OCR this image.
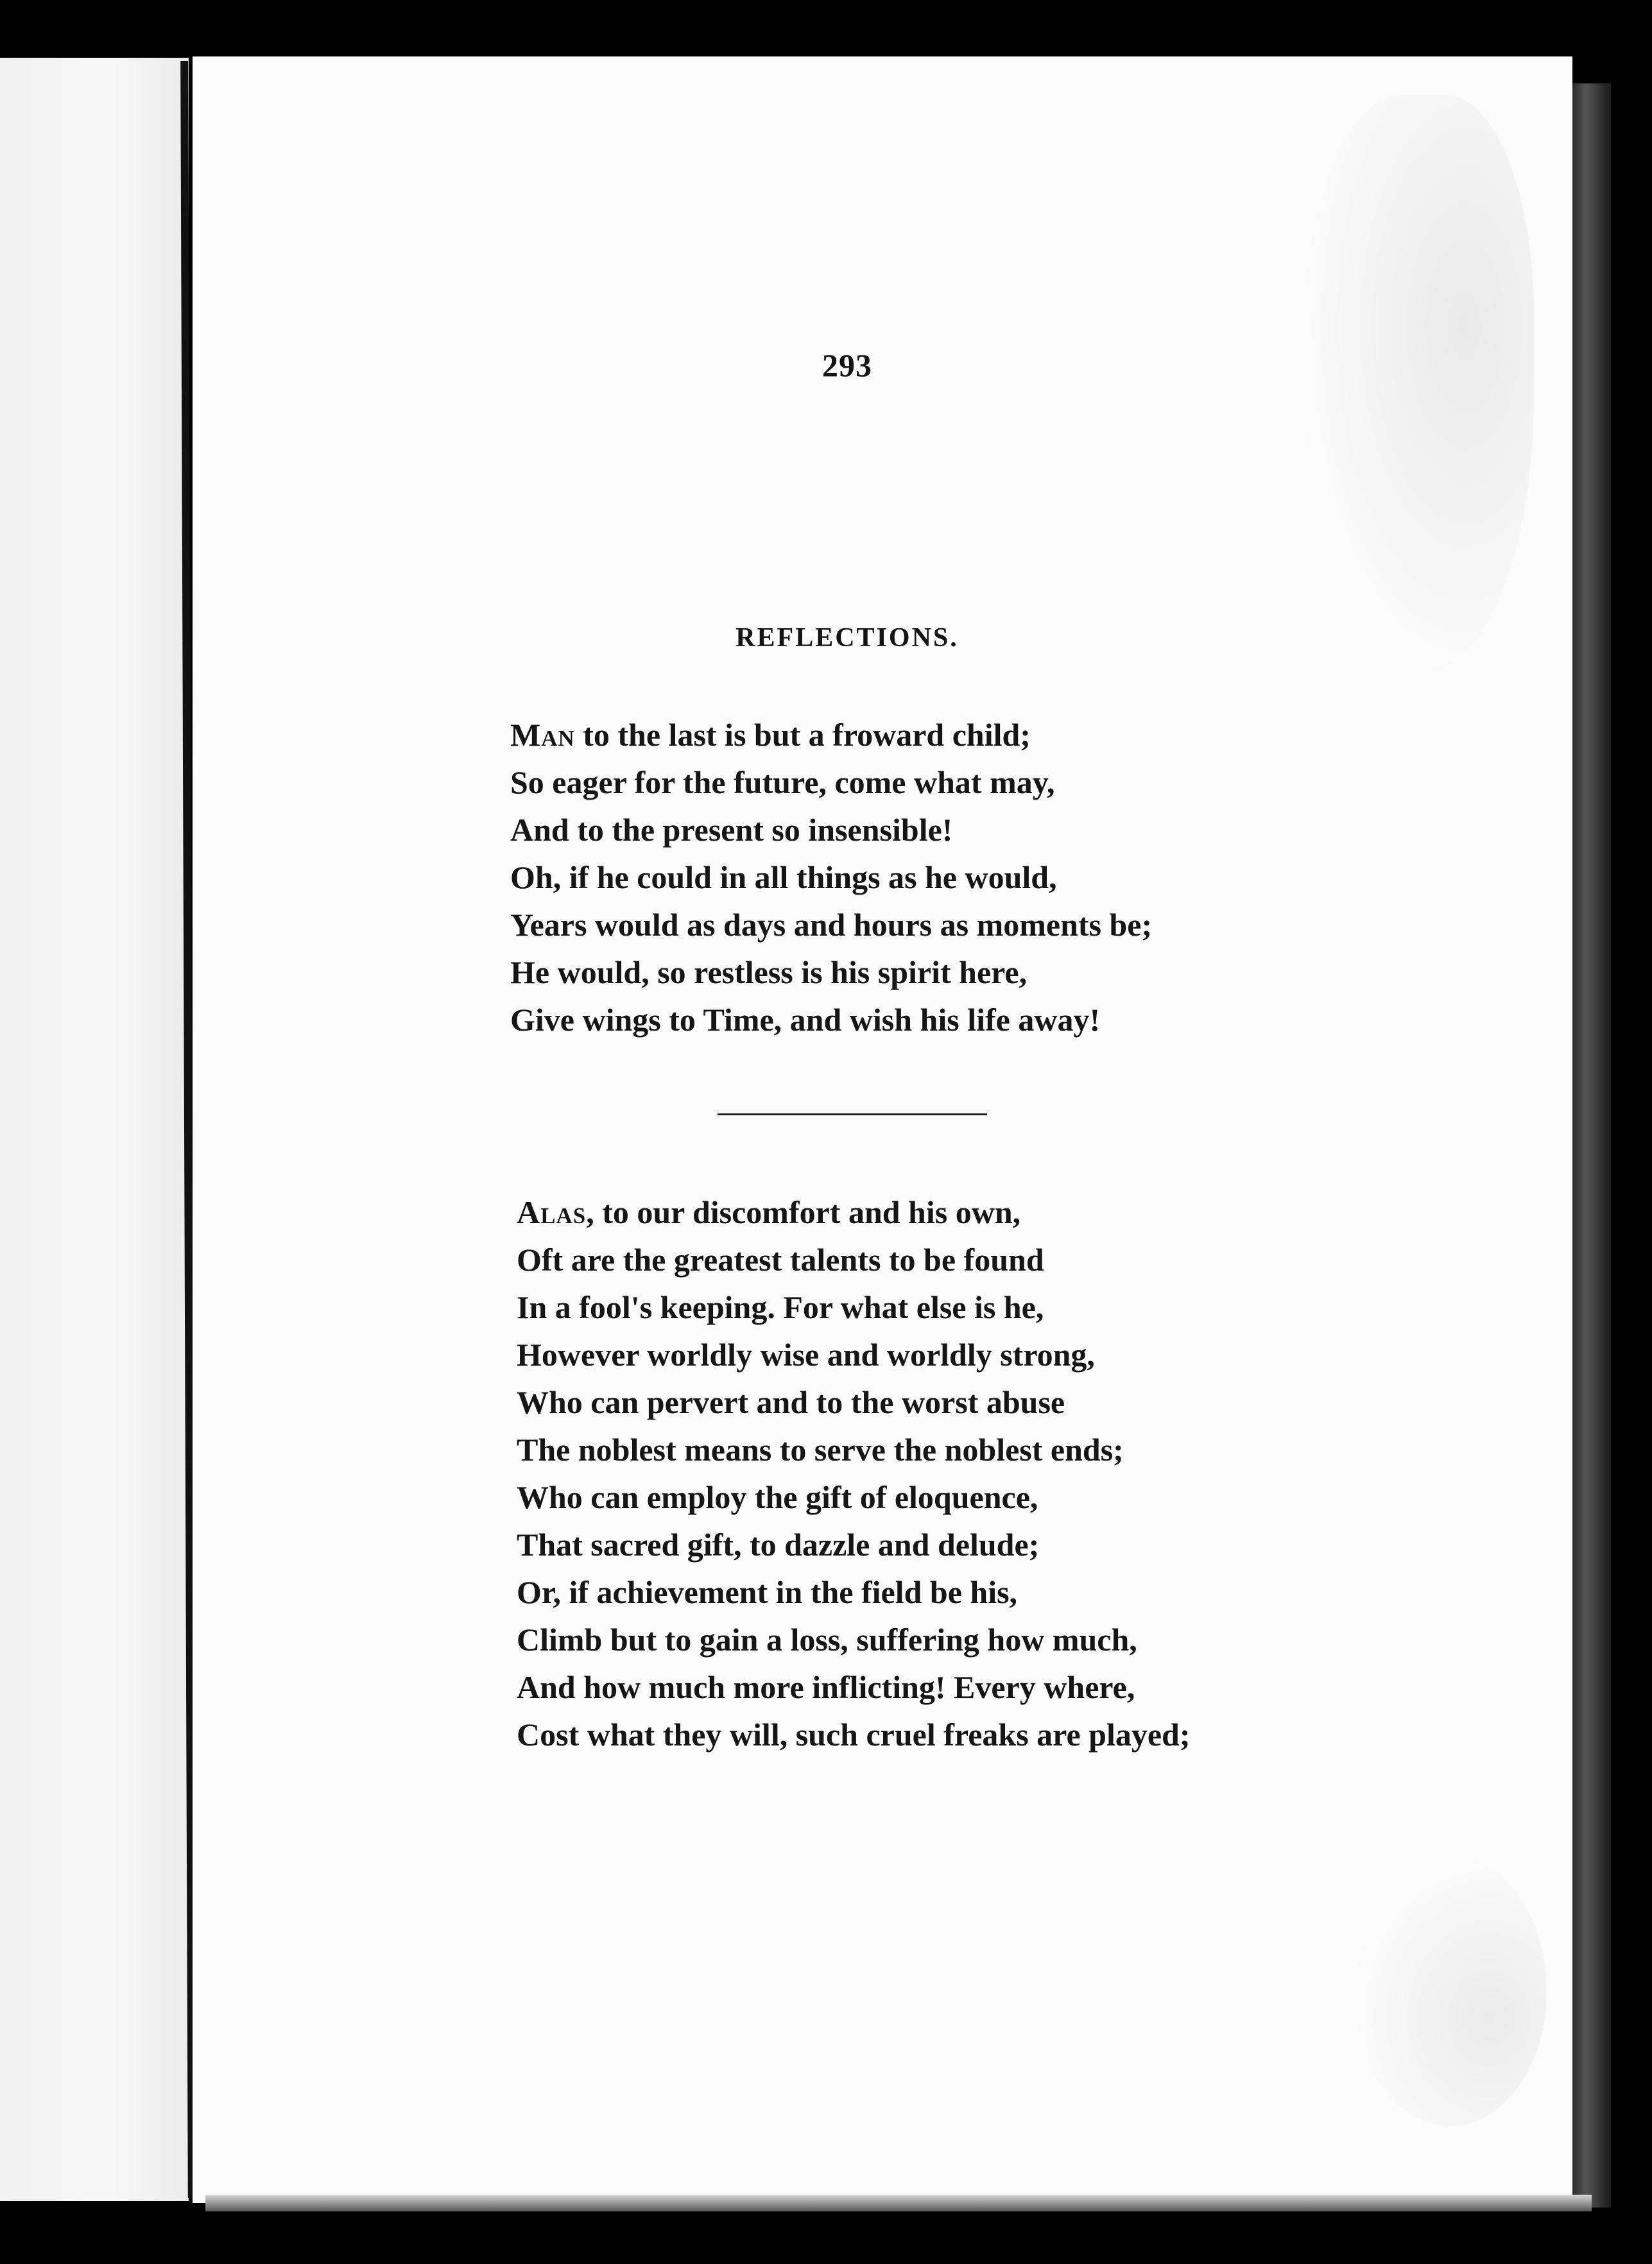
293
REFLECTIONS.
Man to the last is but a froward child;
So eager for the future, come what may,
And to the present so insensible!
Oh, if he could in all things as he would,
Years would as days and hours as moments be;
He would, so restless is his spirit here,
Give wings to Time, and wish his life away!
Alas, to our discomfort and his own,
Oft are the greatest talents to be found
In a fool's keeping. For what else is he,
However worldly wise and worldly strong,
Who can pervert and to the worst abuse
The noblest means to serve the noblest ends;
Who can employ the gift of eloquence,
That sacred gift, to dazzle and delude;
Or, if achievement in the field be his,
Climb but to gain a loss, suffering how much,
And how much more inflicting! Every where,
Cost what they will, such cruel freaks are played;
